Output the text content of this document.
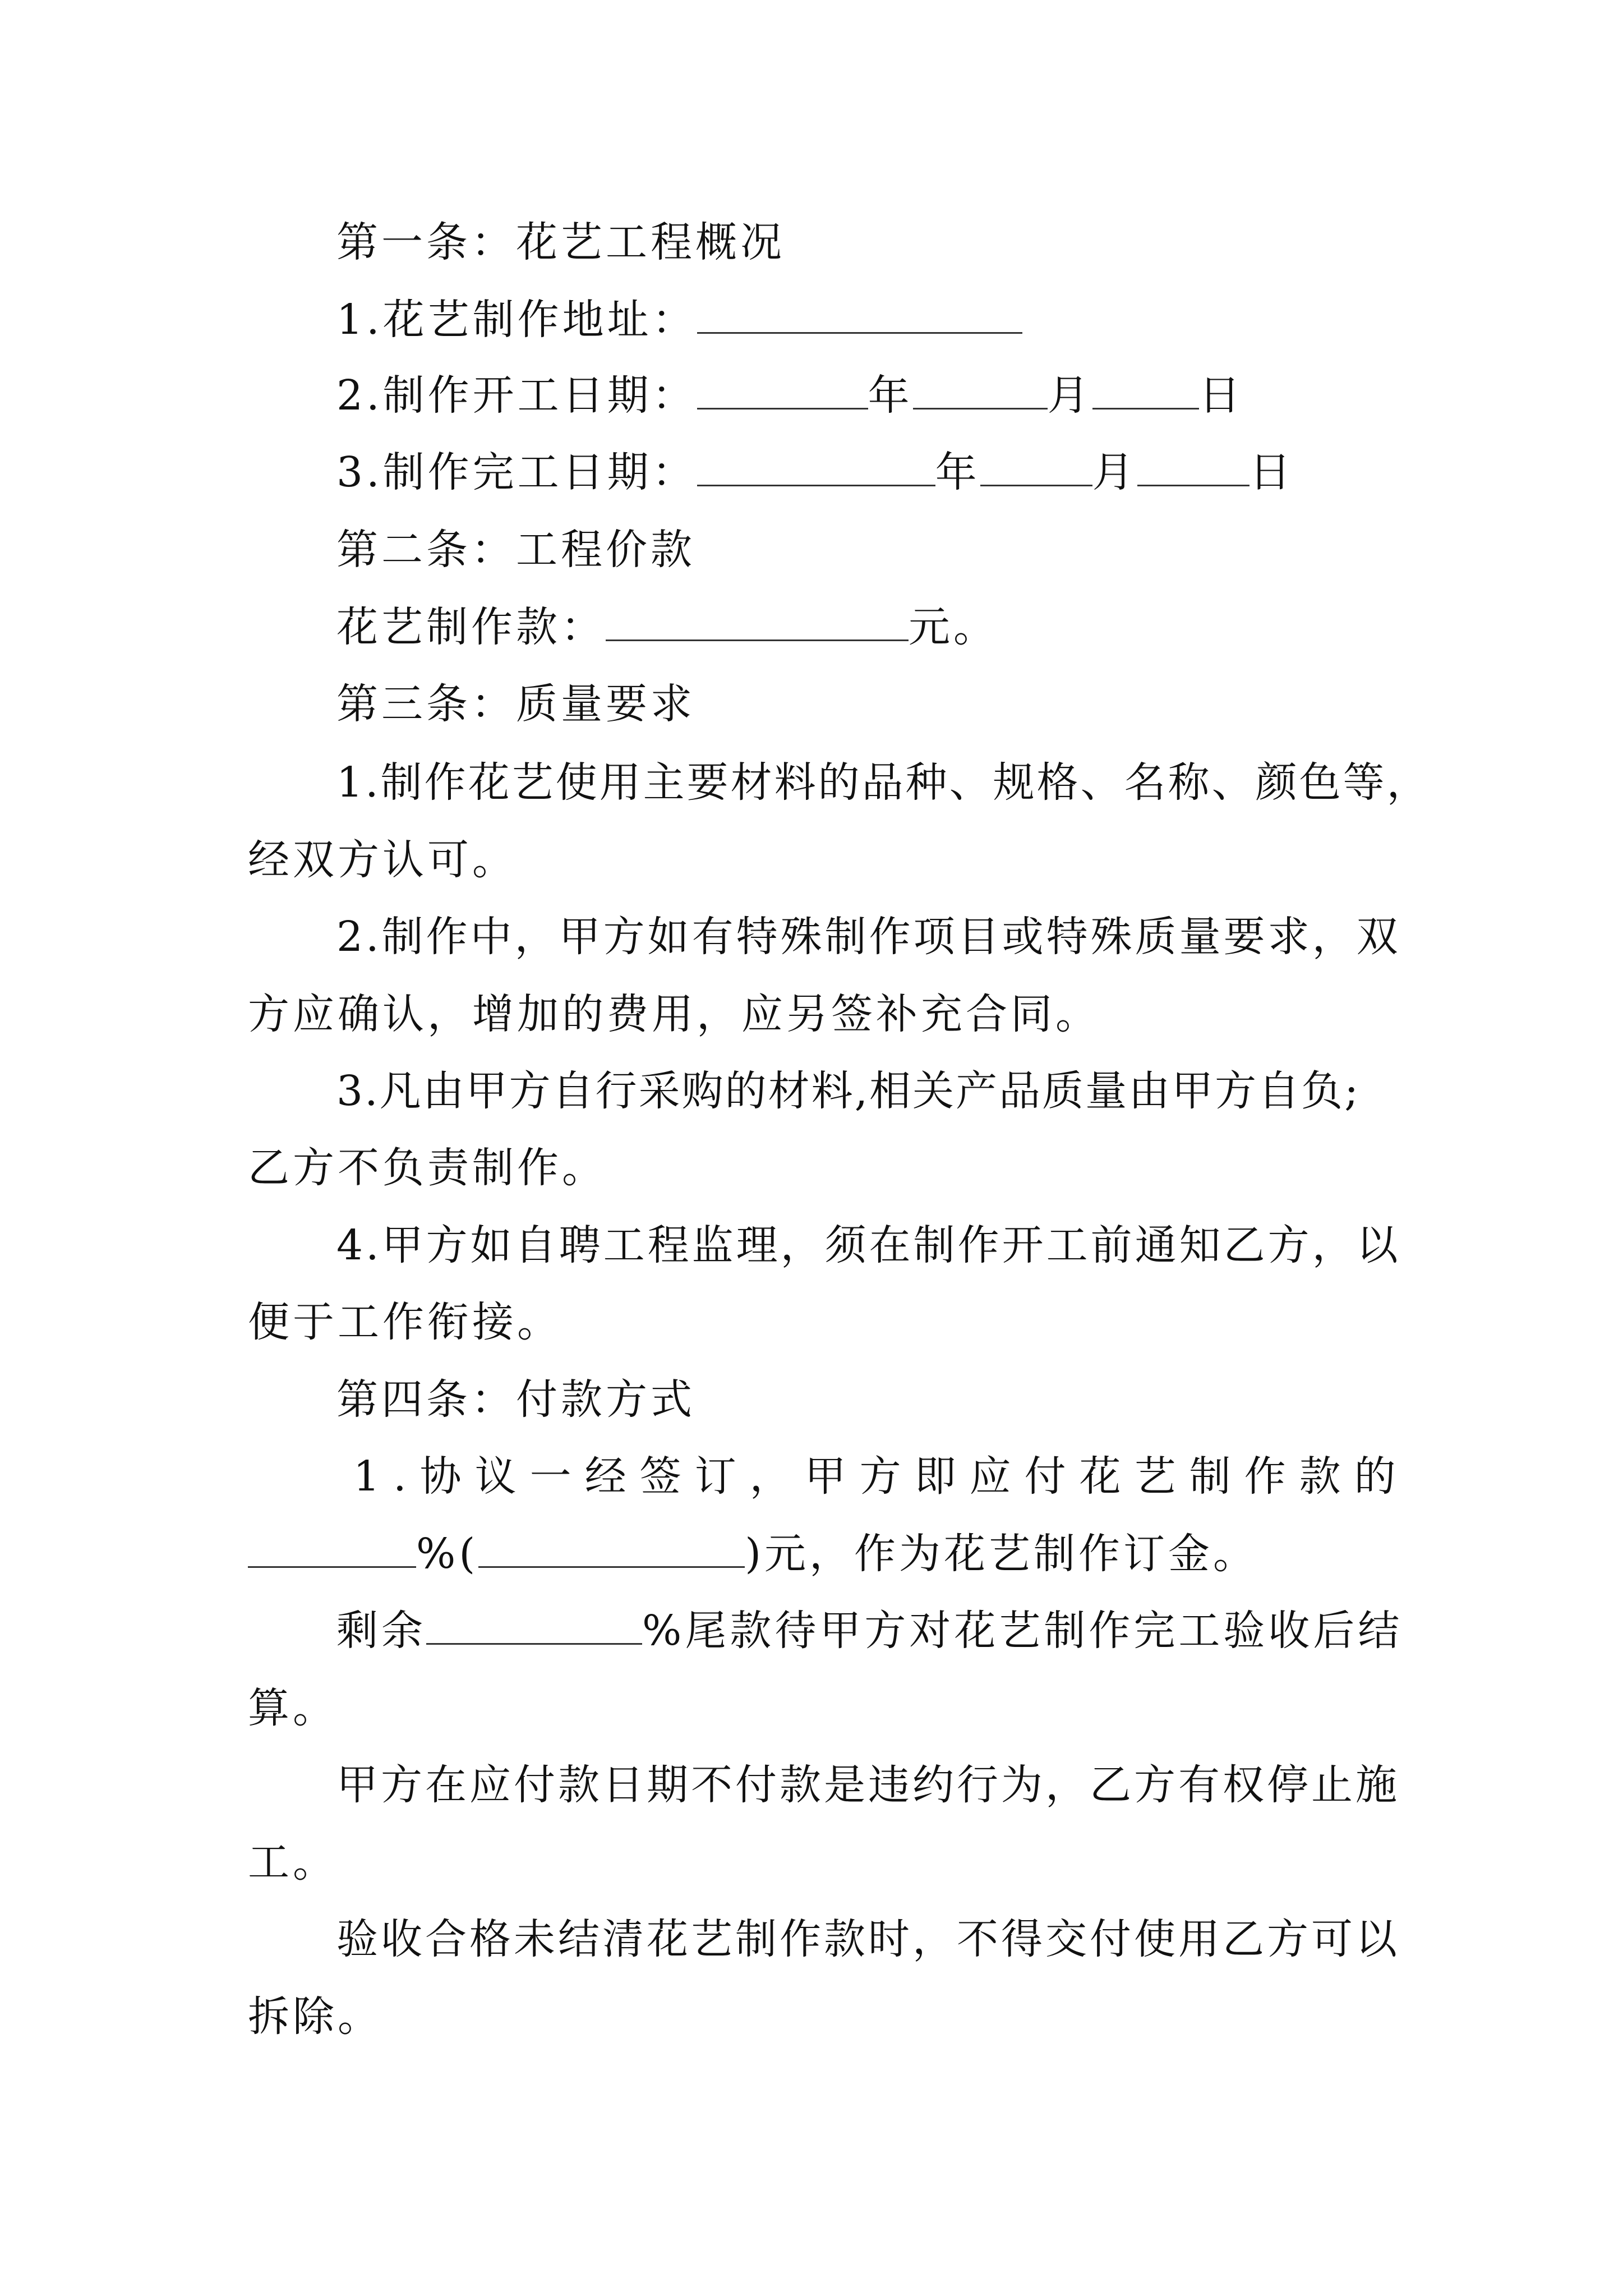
第一条：花艺工程概况
1.花艺制作地址：
2.制作开工日期：	年	月	日
3.制作完工日期：	年	月	日
第二条：工程价款
花艺制作款：	元。
第三条：质量要求
1.制作花艺使用主要材料的品种、规格、名称、颜色等，
经双方认可。
2.制作中，甲方如有特殊制作项目或特殊质量要求，双
方应确认，增加的费用，应另签补充合同。
3.凡由甲方自行采购的材料,相关产品质量由甲方自负;
乙方不负责制作。
4.甲方如自聘工程监理，须在制作开工前通知乙方，以
便于工作衔接。
第四条：付款方式
1.协议一经签订，甲方即应付花艺制作款的
%(	)元，作为花艺制作订金。
剩余	%尾款待甲方对花艺制作完工验收后结
算。
甲方在应付款日期不付款是违约行为，乙方有权停止施
工。
验收合格未结清花艺制作款时，不得交付使用乙方可以
拆除。
